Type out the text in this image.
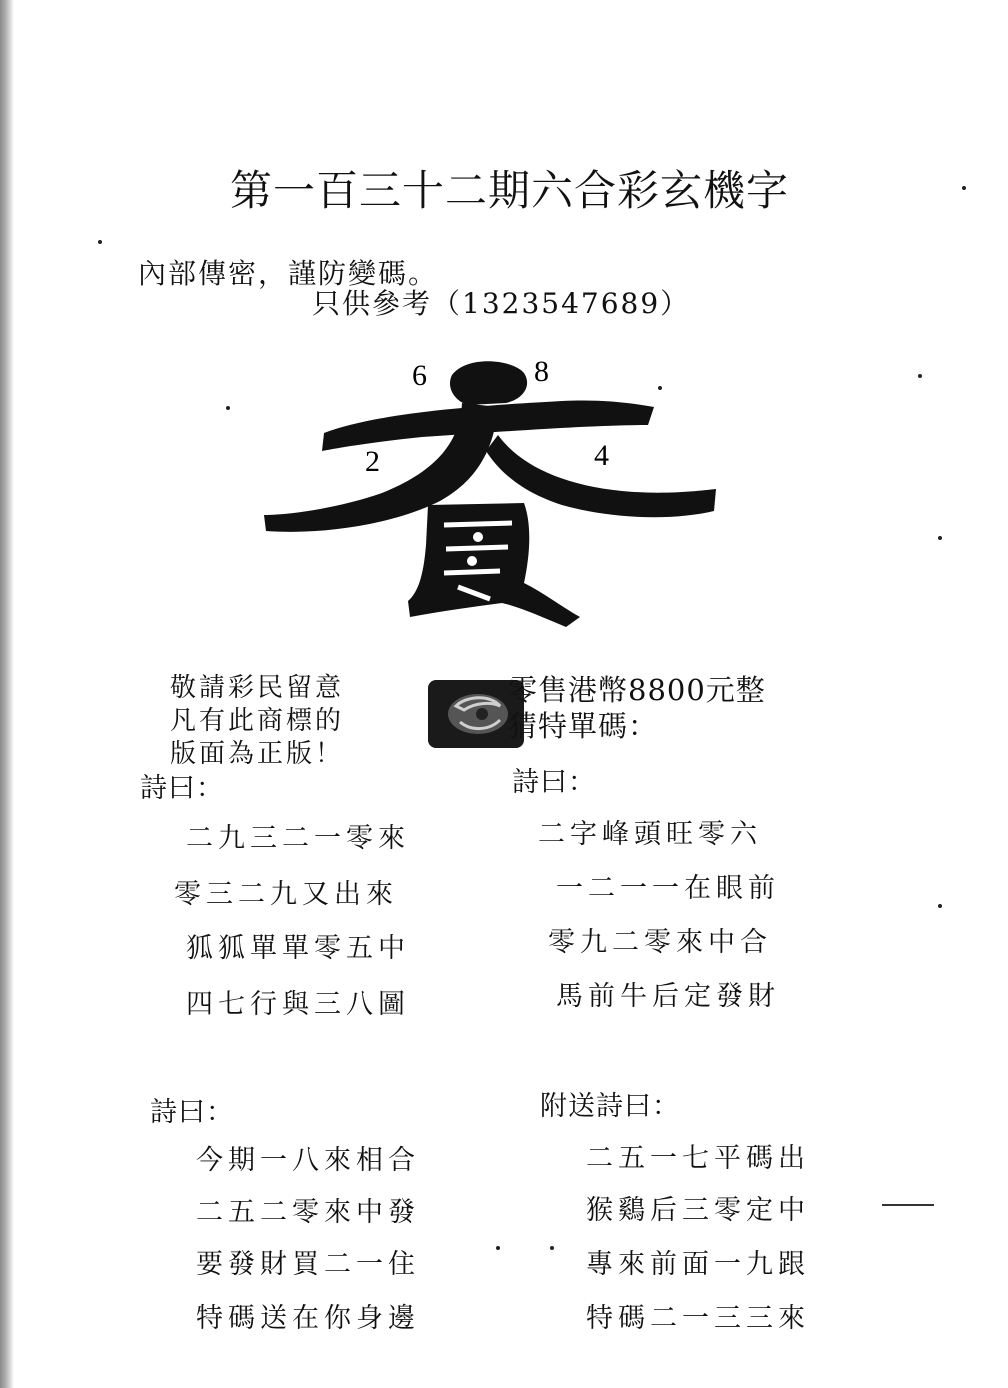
第一百三十二期六合彩玄機字
內部傳密，謹防變碼。
只供參考（1323547689）
6	8
2	4
敬請彩民留意
凡有此商標的
版面為正版！
零售港幣8800元整
猜特單碼：
詩曰：
二九三二一零來
零三二九又出來
狐狐單單零五中
四七行與三八圖
詩曰：
二字峰頭旺零六
一二一一在眼前
零九二零來中合
馬前牛后定發財
詩曰：
今期一八來相合
二五二零來中發
要發財買二一住
特碼送在你身邊
附送詩曰：
二五一七平碼出
猴鷄后三零定中
專來前面一九跟
特碼二一三三來
